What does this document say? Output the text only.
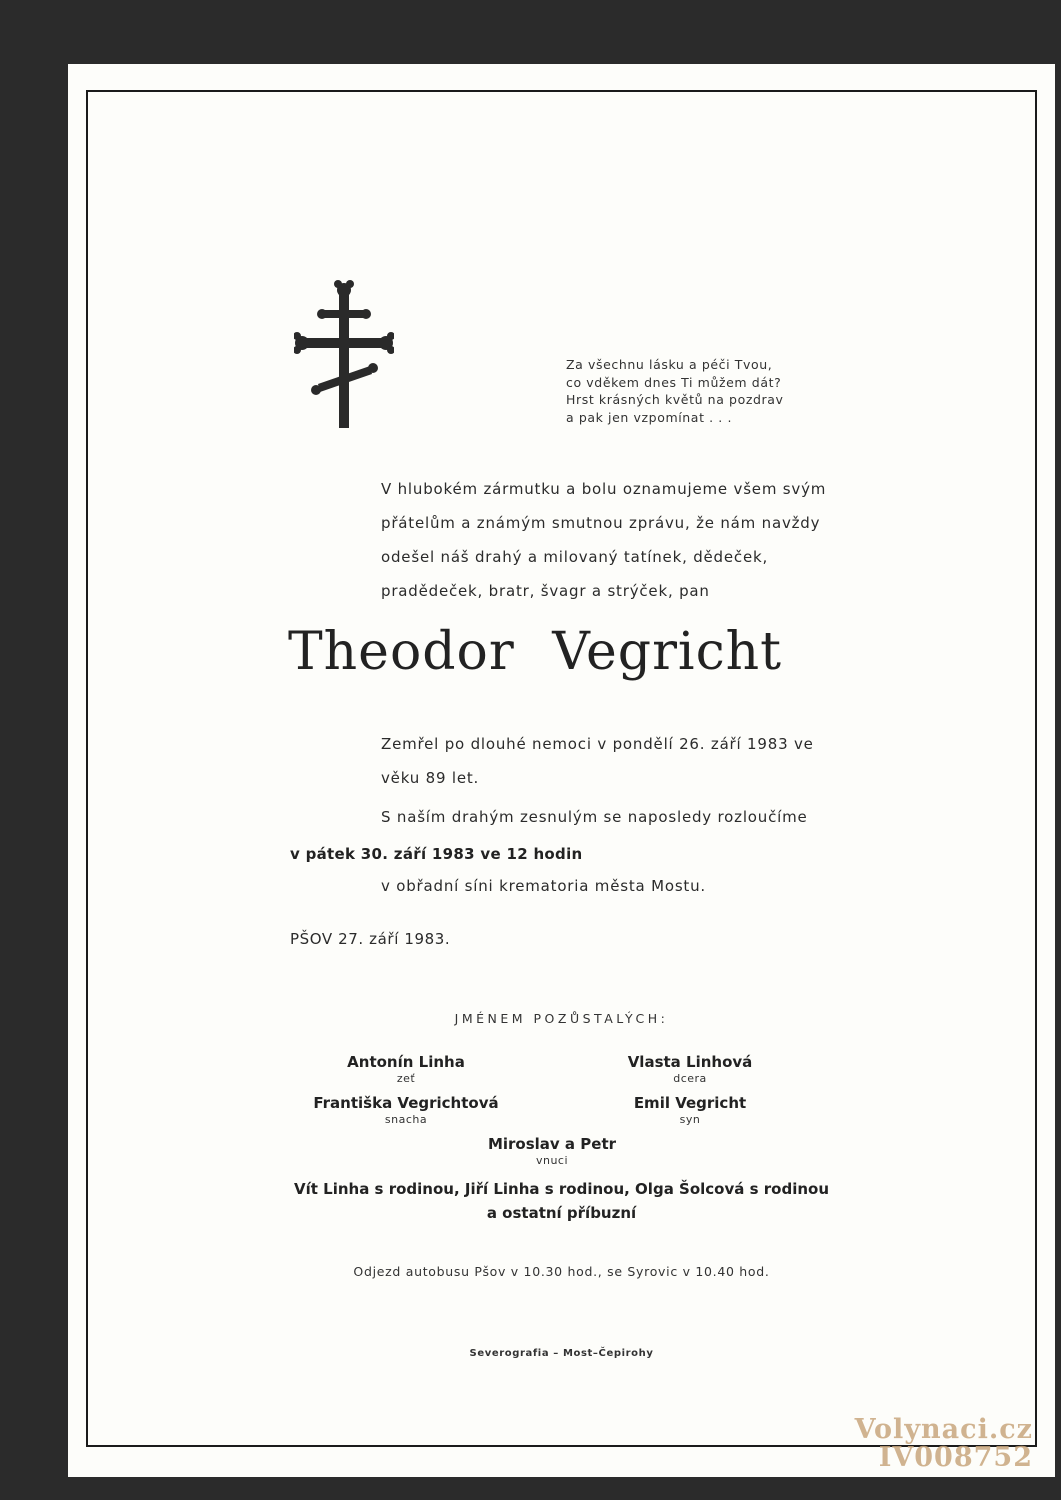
Za všechnu lásku a péči Tvou,
co vděkem dnes Ti můžem dát?
Hrst krásných květů na pozdrav
a pak jen vzpomínat . . .
V hlubokém zármutku a bolu oznamujeme všem svým
přátelům a známým smutnou zprávu, že nám navždy
odešel náš drahý a milovaný tatínek, dědeček,
pradědeček, bratr, švagr a strýček, pan
Theodor Vegricht
Zemřel po dlouhé nemoci v pondělí 26. září 1983 ve
věku 89 let.
S naším drahým zesnulým se naposledy rozloučíme
v pátek 30. září 1983 ve 12 hodin
v obřadní síni krematoria města Mostu.
PŠOV 27. září 1983.
JMÉNEM POZŮSTALÝCH:
Antonín Linha
zeť
Vlasta Linhová
dcera
Františka Vegrichtová
snacha
Emil Vegricht
syn
Miroslav a Petr
vnuci
Vít Linha s rodinou, Jiří Linha s rodinou, Olga Šolcová s rodinou
a ostatní příbuzní
Odjezd autobusu Pšov v 10.30 hod., se Syrovic v 10.40 hod.
Severografia – Most–Čepirohy
Volynaci.cz
IV008752
